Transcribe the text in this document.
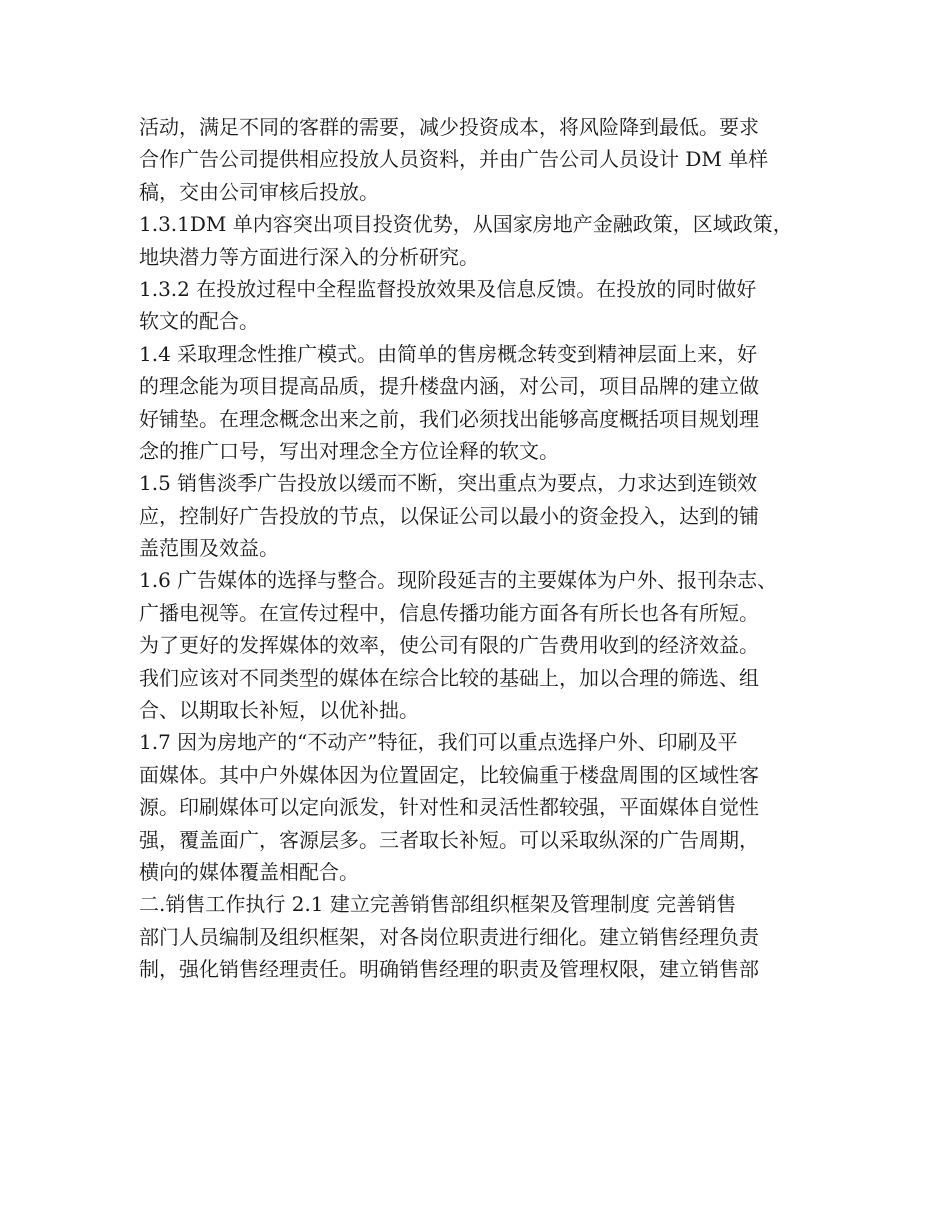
活动，满足不同的客群的需要，减少投资成本，将风险降到最低。要求
合作广告公司提供相应投放人员资料，并由广告公司人员设计 DM 单样
稿，交由公司审核后投放。
1.3.1DM 单内容突出项目投资优势，从国家房地产金融政策，区域政策，
地块潜力等方面进行深入的分析研究。
1.3.2 在投放过程中全程监督投放效果及信息反馈。在投放的同时做好
软文的配合。
1.4 采取理念性推广模式。由简单的售房概念转变到精神层面上来，好
的理念能为项目提高品质，提升楼盘内涵，对公司，项目品牌的建立做
好铺垫。在理念概念出来之前，我们必须找出能够高度概括项目规划理
念的推广口号，写出对理念全方位诠释的软文。
1.5 销售淡季广告投放以缓而不断，突出重点为要点，力求达到连锁效
应，控制好广告投放的节点，以保证公司以最小的资金投入，达到的铺
盖范围及效益。
1.6 广告媒体的选择与整合。现阶段延吉的主要媒体为户外、报刊杂志、
广播电视等。在宣传过程中，信息传播功能方面各有所长也各有所短。
为了更好的发挥媒体的效率，使公司有限的广告费用收到的经济效益。
我们应该对不同类型的媒体在综合比较的基础上，加以合理的筛选、组
合、以期取长补短，以优补拙。
1.7 因为房地产的“不动产”特征，我们可以重点选择户外、印刷及平
面媒体。其中户外媒体因为位置固定，比较偏重于楼盘周围的区域性客
源。印刷媒体可以定向派发，针对性和灵活性都较强，平面媒体自觉性
强，覆盖面广，客源层多。三者取长补短。可以采取纵深的广告周期，
横向的媒体覆盖相配合。
二.销售工作执行 2.1 建立完善销售部组织框架及管理制度 完善销售
部门人员编制及组织框架，对各岗位职责进行细化。建立销售经理负责
制，强化销售经理责任。明确销售经理的职责及管理权限，建立销售部
